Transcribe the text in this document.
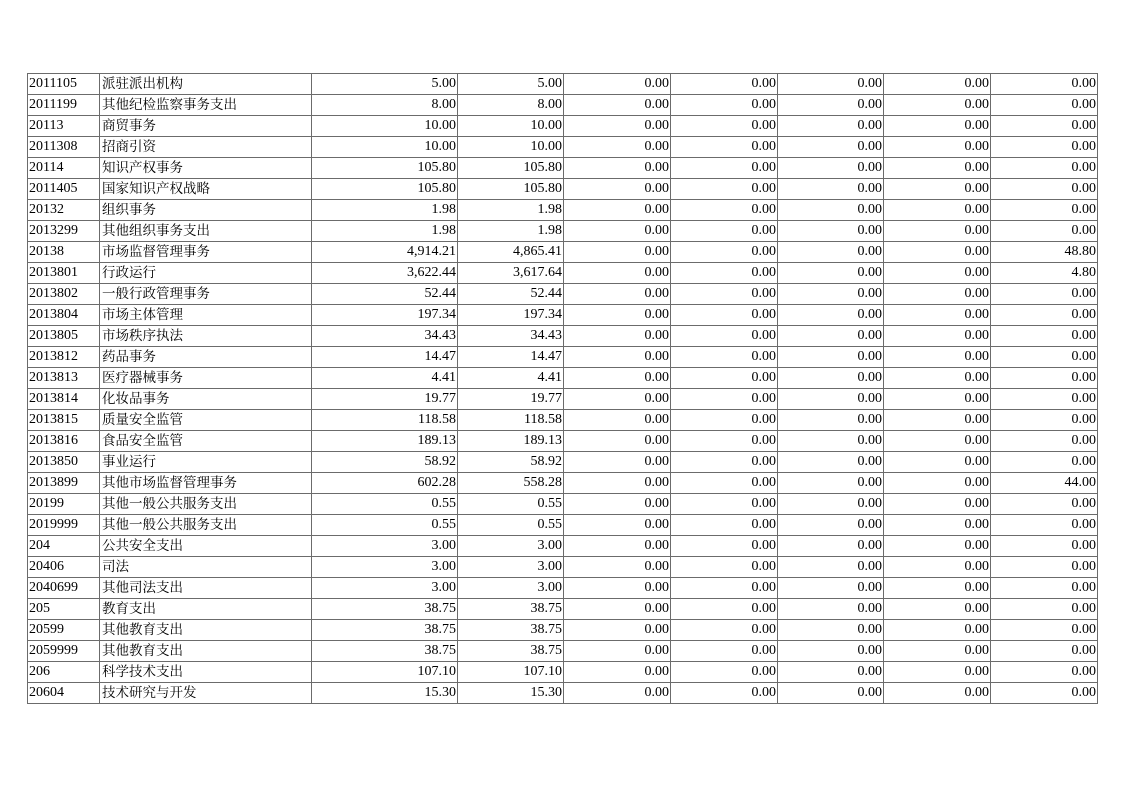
2011105	派驻派出机构	5.00	5.00	0.00	0.00	0.00	0.00	0.00
2011199	其他纪检监察事务支出	8.00	8.00	0.00	0.00	0.00	0.00	0.00
20113	商贸事务	10.00	10.00	0.00	0.00	0.00	0.00	0.00
2011308	招商引资	10.00	10.00	0.00	0.00	0.00	0.00	0.00
20114	知识产权事务	105.80	105.80	0.00	0.00	0.00	0.00	0.00
2011405	国家知识产权战略	105.80	105.80	0.00	0.00	0.00	0.00	0.00
20132	组织事务	1.98	1.98	0.00	0.00	0.00	0.00	0.00
2013299	其他组织事务支出	1.98	1.98	0.00	0.00	0.00	0.00	0.00
20138	市场监督管理事务	4,914.21	4,865.41	0.00	0.00	0.00	0.00	48.80
2013801	行政运行	3,622.44	3,617.64	0.00	0.00	0.00	0.00	4.80
2013802	一般行政管理事务	52.44	52.44	0.00	0.00	0.00	0.00	0.00
2013804	市场主体管理	197.34	197.34	0.00	0.00	0.00	0.00	0.00
2013805	市场秩序执法	34.43	34.43	0.00	0.00	0.00	0.00	0.00
2013812	药品事务	14.47	14.47	0.00	0.00	0.00	0.00	0.00
2013813	医疗器械事务	4.41	4.41	0.00	0.00	0.00	0.00	0.00
2013814	化妆品事务	19.77	19.77	0.00	0.00	0.00	0.00	0.00
2013815	质量安全监管	118.58	118.58	0.00	0.00	0.00	0.00	0.00
2013816	食品安全监管	189.13	189.13	0.00	0.00	0.00	0.00	0.00
2013850	事业运行	58.92	58.92	0.00	0.00	0.00	0.00	0.00
2013899	其他市场监督管理事务	602.28	558.28	0.00	0.00	0.00	0.00	44.00
20199	其他一般公共服务支出	0.55	0.55	0.00	0.00	0.00	0.00	0.00
2019999	其他一般公共服务支出	0.55	0.55	0.00	0.00	0.00	0.00	0.00
204	公共安全支出	3.00	3.00	0.00	0.00	0.00	0.00	0.00
20406	司法	3.00	3.00	0.00	0.00	0.00	0.00	0.00
2040699	其他司法支出	3.00	3.00	0.00	0.00	0.00	0.00	0.00
205	教育支出	38.75	38.75	0.00	0.00	0.00	0.00	0.00
20599	其他教育支出	38.75	38.75	0.00	0.00	0.00	0.00	0.00
2059999	其他教育支出	38.75	38.75	0.00	0.00	0.00	0.00	0.00
206	科学技术支出	107.10	107.10	0.00	0.00	0.00	0.00	0.00
20604	技术研究与开发	15.30	15.30	0.00	0.00	0.00	0.00	0.00
